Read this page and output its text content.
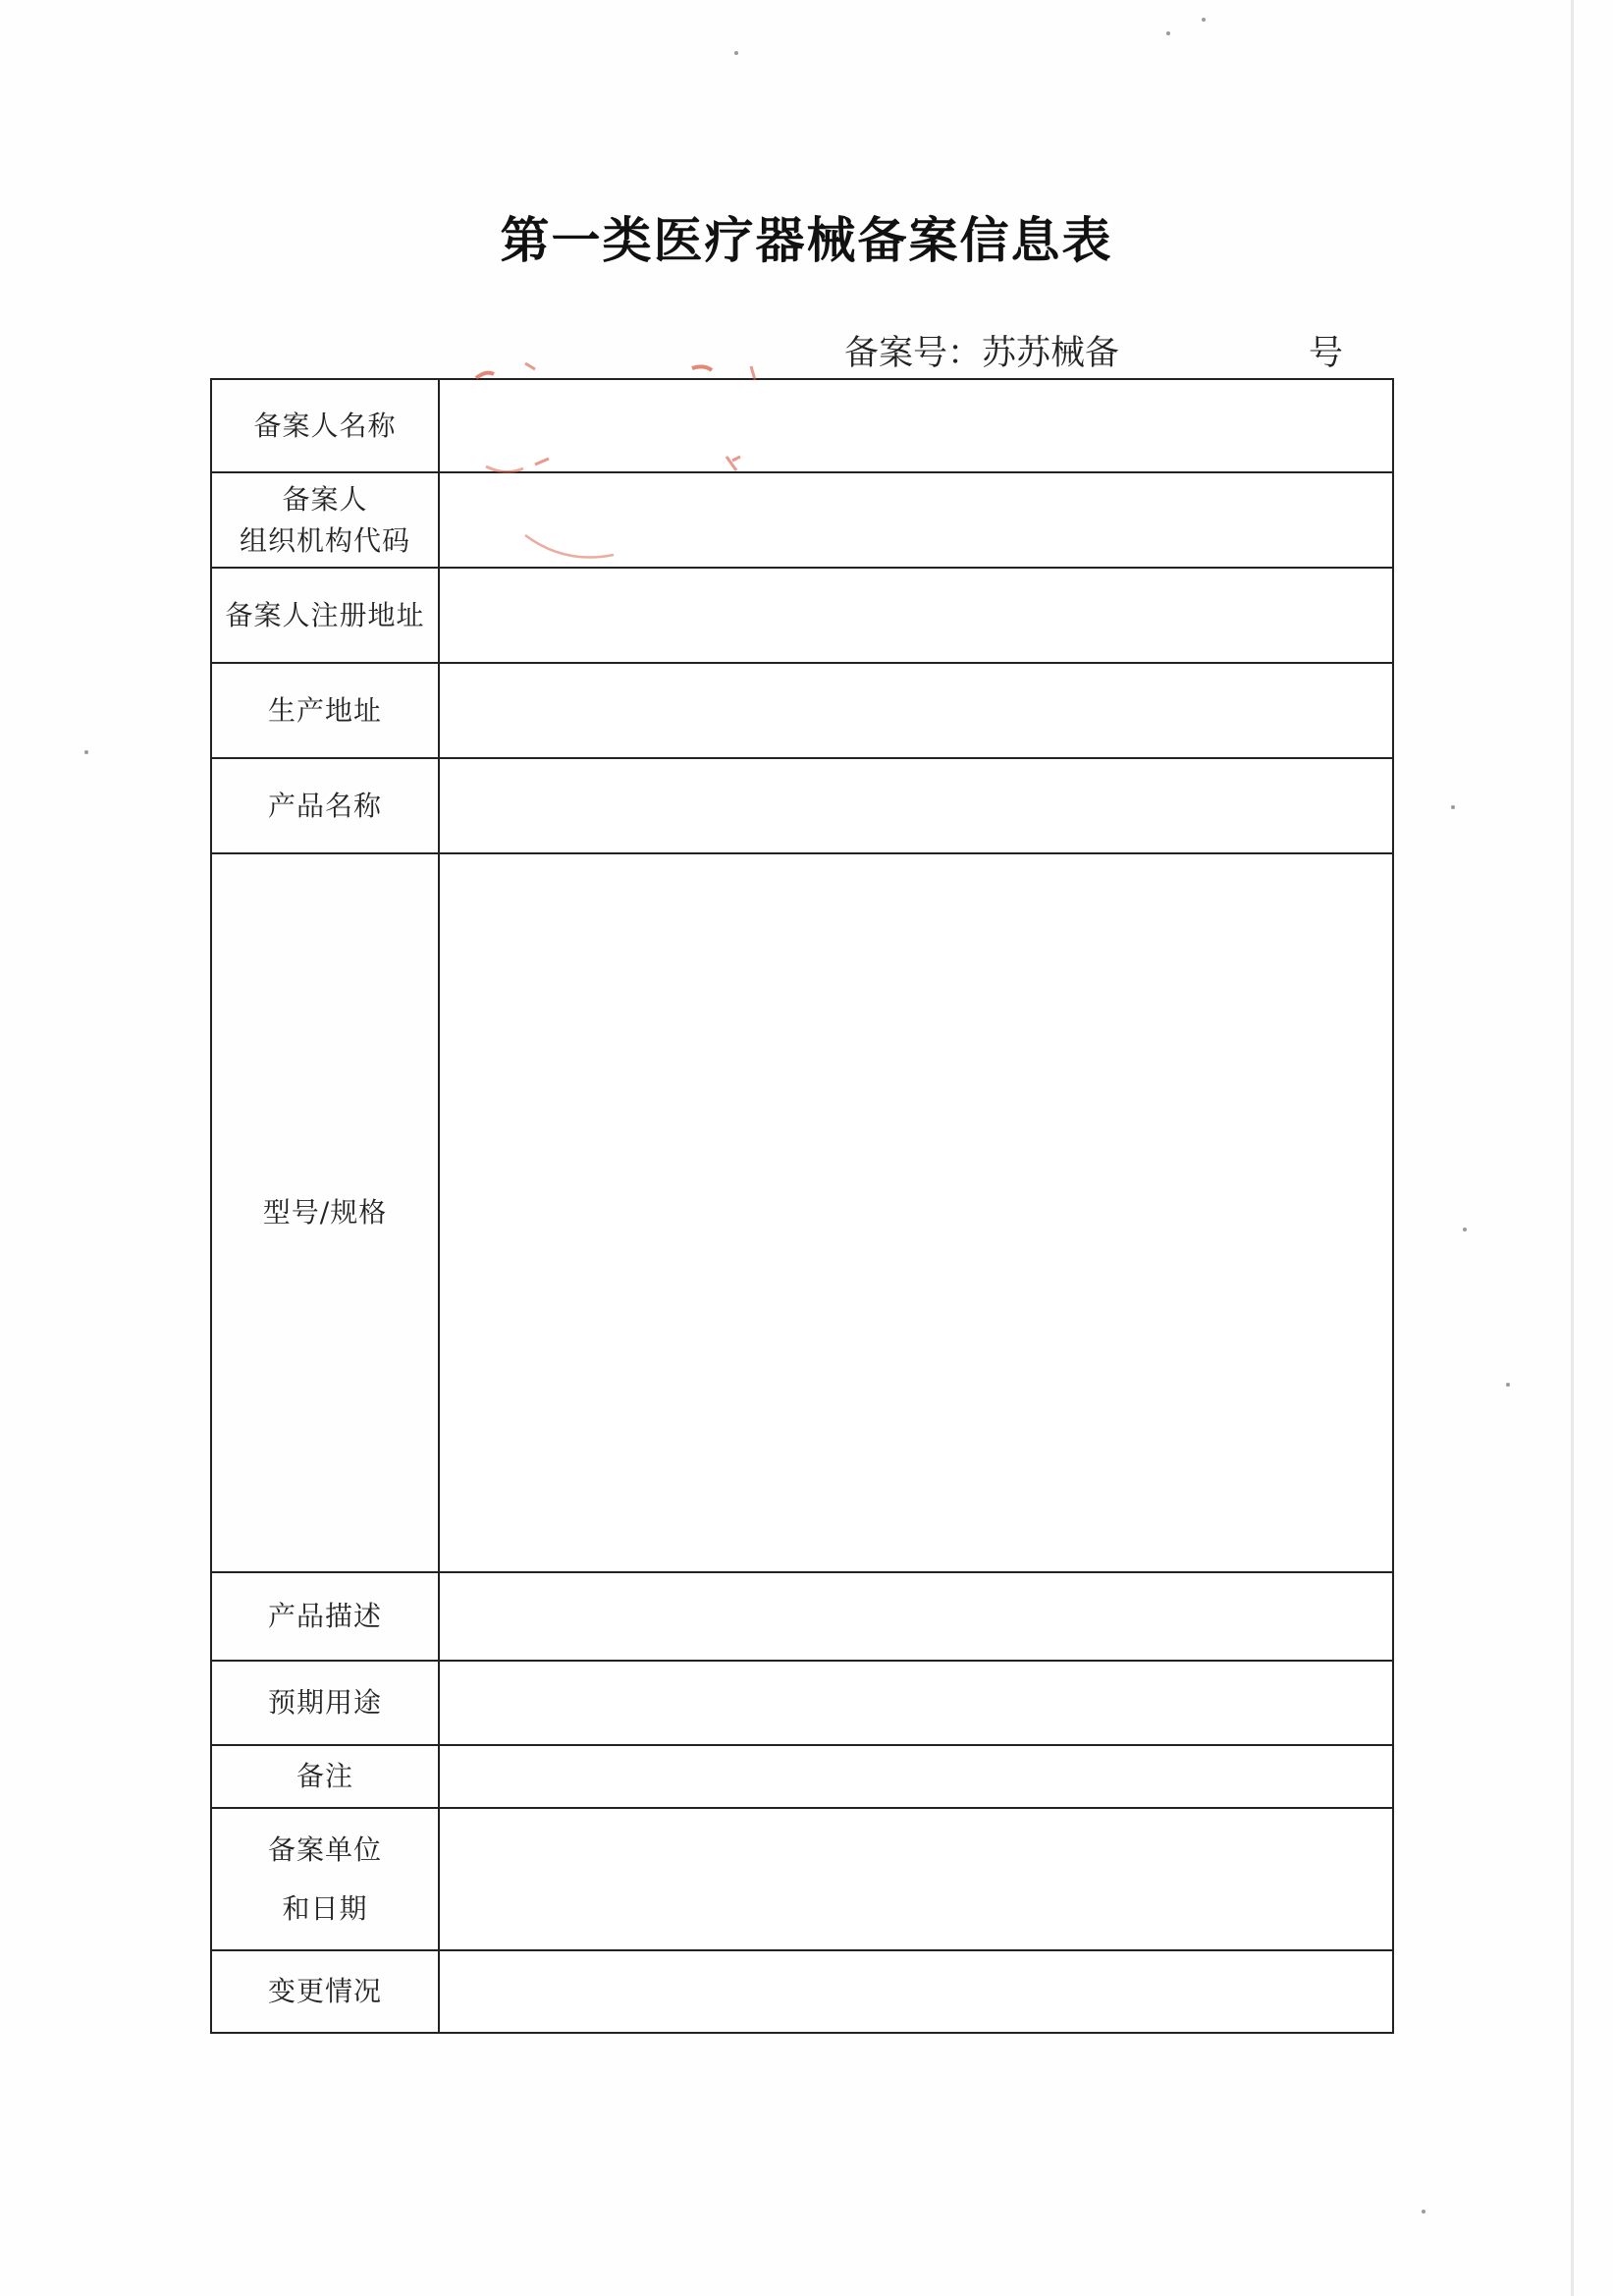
第一类医疗器械备案信息表
备案号：苏苏械备	号
备案人名称	

备案人
组织机构代码	

备案人注册地址	

生产地址	

产品名称	

型号/规格	

产品描述	

预期用途	

备注	

备案单位
和日期	

变更情况	
